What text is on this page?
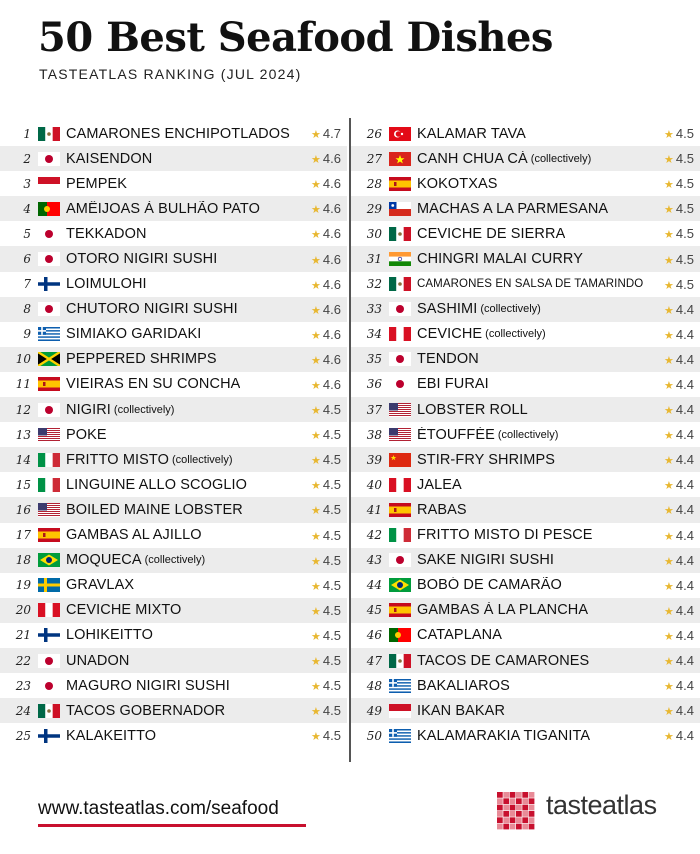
50 Best Seafood Dishes
TASTEATLAS RANKING (JUL 2024)
1 CAMARONES ENCHIPOTLADOS ★ 4.7
2 KAISENDON	★ 4.6
3 PEMPEK	★ 4.6
4 AMÊIJOAS À BULHÃO PATO	★ 4.6
5 TEKKADON	★ 4.6
6 OTORO NIGIRI SUSHI	★ 4.6
7 LOIMULOHI	★ 4.6
8 CHUTORO NIGIRI SUSHI	★ 4.6
9 SIMIAKO GARIDAKI	★ 4.6
10 PEPPERED SHRIMPS	★ 4.6
11 VIEIRAS EN SU CONCHA	★ 4.6
12 NIGIRI (collectively)	★ 4.5
13 POKE	★ 4.5
14 FRITTO MISTO (collectively)	★ 4.5
15 LINGUINE ALLO SCOGLIO	★ 4.5
16 BOILED MAINE LOBSTER	★ 4.5
17 GAMBAS AL AJILLO	★ 4.5
18 MOQUECA (collectively)	★ 4.5
19 GRAVLAX	★ 4.5
20 CEVICHE MIXTO	★ 4.5
21 LOHIKEITTO	★ 4.5
22 UNADON	★ 4.5
23 MAGURO NIGIRI SUSHI	★ 4.5
24 TACOS GOBERNADOR	★ 4.5
25 KALAKEITTO	★ 4.5
26 KALAMAR TAVA	★ 4.5
27 CANH CHUA CÁ (collectively)	★ 4.5
28 KOKOTXAS	★ 4.5
29 MACHAS A LA PARMESANA	★ 4.5
30 CEVICHE DE SIERRA	★ 4.5
31 CHINGRI MALAI CURRY	★ 4.5
32	CAMARONES EN SALSA DE TAMARINDO ★ 4.5
33 SASHIMI (collectively)	★ 4.4
34 CEVICHE (collectively)	★ 4.4
35 TENDON	★ 4.4
36 EBI FURAI	★ 4.4
37 LOBSTER ROLL	★ 4.4
38 ÉTOUFFÉE (collectively)	★ 4.4
39 STIR-FRY SHRIMPS	★ 4.4
40 JALEA	★ 4.4
41 RABAS	★ 4.4
42 FRITTO MISTO DI PESCE	★ 4.4
43 SAKE NIGIRI SUSHI	★ 4.4
44 BOBÓ DE CAMARÃO	★ 4.4
45 GAMBAS À LA PLANCHA	★ 4.4
46 CATAPLANA	★ 4.4
47 TACOS DE CAMARONES	★ 4.4
48 BAKALIAROS	★ 4.4
49 IKAN BAKAR	★ 4.4
50 KALAMARAKIA TIGANITA	★ 4.4
www.tasteatlas.com/seafood	tasteatlas
